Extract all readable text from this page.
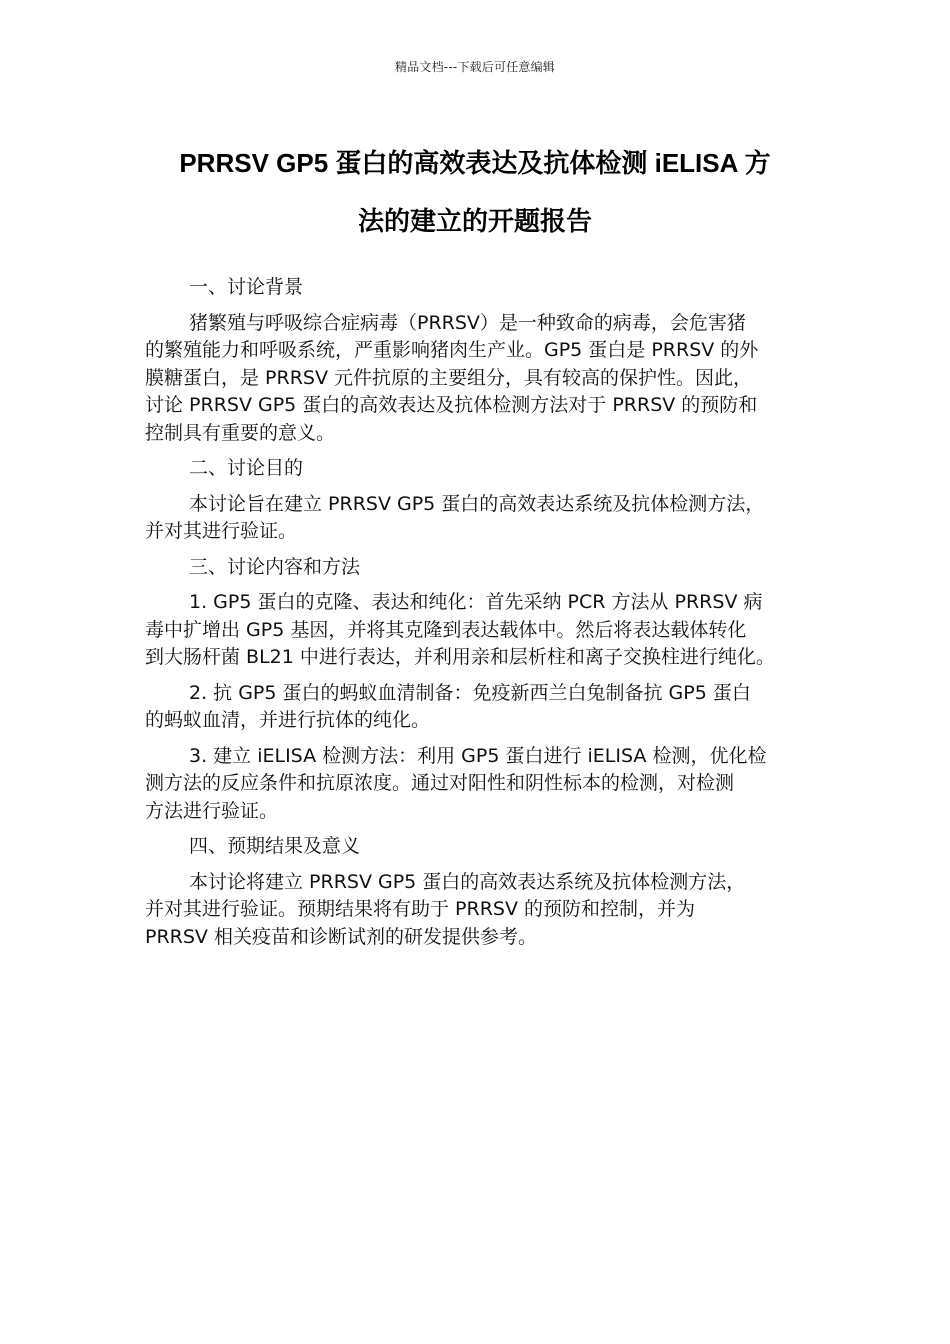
精品文档---下载后可任意编辑
PRRSV GP5 蛋白的高效表达及抗体检测 iELISA 方
法的建立的开题报告
一、讨论背景
猪繁殖与呼吸综合症病毒（PRRSV）是一种致命的病毒，会危害猪
的繁殖能力和呼吸系统，严重影响猪肉生产业。GP5 蛋白是 PRRSV 的外
膜糖蛋白，是 PRRSV 元件抗原的主要组分，具有较高的保护性。因此，
讨论 PRRSV GP5 蛋白的高效表达及抗体检测方法对于 PRRSV 的预防和
控制具有重要的意义。
二、讨论目的
本讨论旨在建立 PRRSV GP5 蛋白的高效表达系统及抗体检测方法，
并对其进行验证。
三、讨论内容和方法
1. GP5 蛋白的克隆、表达和纯化：首先采纳 PCR 方法从 PRRSV 病
毒中扩增出 GP5 基因，并将其克隆到表达载体中。然后将表达载体转化
到大肠杆菌 BL21 中进行表达，并利用亲和层析柱和离子交换柱进行纯化。
2. 抗 GP5 蛋白的蚂蚁血清制备：免疫新西兰白兔制备抗 GP5 蛋白
的蚂蚁血清，并进行抗体的纯化。
3. 建立 iELISA 检测方法：利用 GP5 蛋白进行 iELISA 检测，优化检
测方法的反应条件和抗原浓度。通过对阳性和阴性标本的检测，对检测
方法进行验证。
四、预期结果及意义
本讨论将建立 PRRSV GP5 蛋白的高效表达系统及抗体检测方法，
并对其进行验证。预期结果将有助于 PRRSV 的预防和控制，并为
PRRSV 相关疫苗和诊断试剂的研发提供参考。
